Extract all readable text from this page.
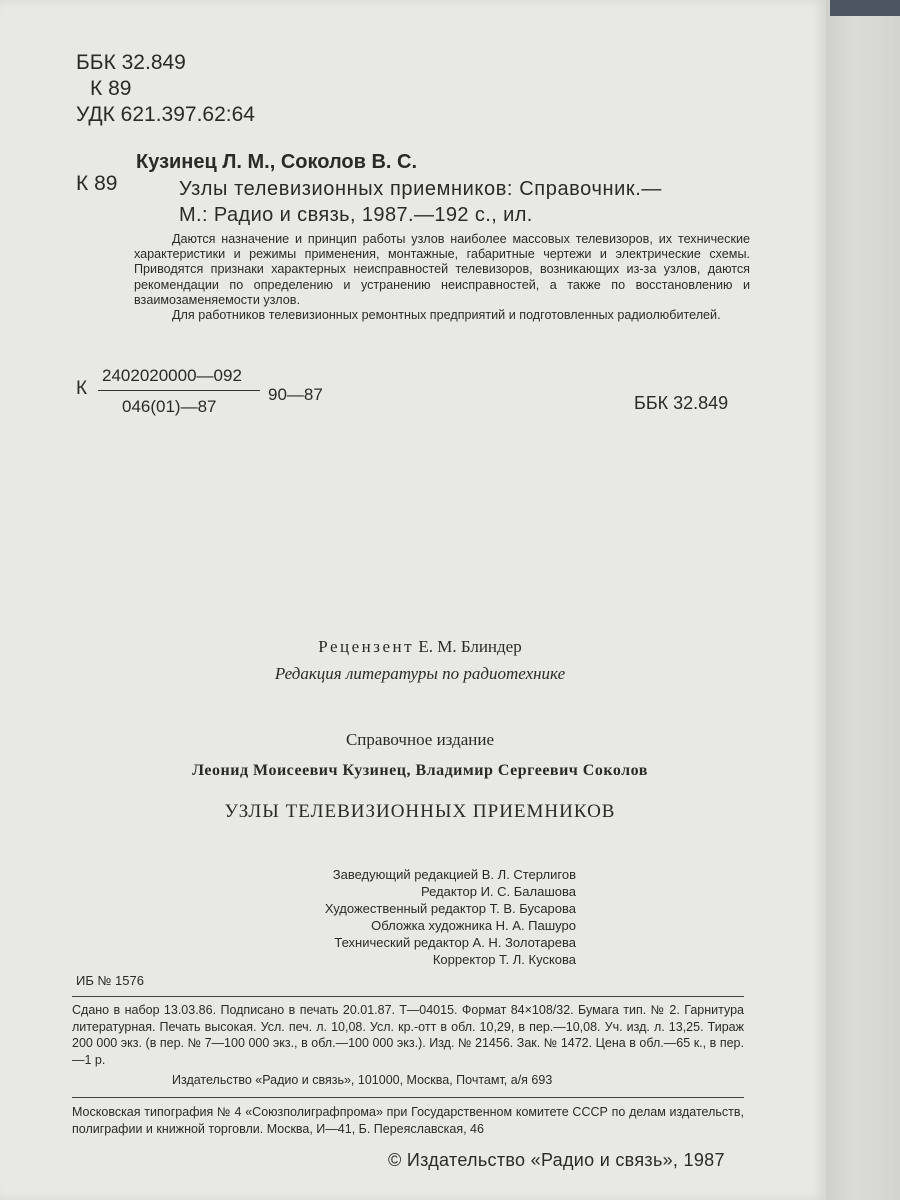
ББК 32.849
К 89
УДК 621.397.62:64
Кузинец Л. М., Соколов В. С.
К 89	Узлы телевизионных приемников: Справочник.—
М.: Радио и связь, 1987.—192 с., ил.

Даются назначение и принцип работы узлов наиболее массовых телевизоров, их технические характеристики и режимы применения, монтажные, габаритные чертежи и электрические схемы. Приводятся признаки характерных неисправностей телевизоров, возникающих из-за узлов, даются рекомендации по определению и устранению неисправностей, а также по восстановлению и взаимозаменяемости узлов.

Для работников телевизионных ремонтных предприятий и подготовленных радиолюбителей.

К
2402020000—092
046(01)—87
90—87	ББК 32.849
Рецензент Е. М. Блиндер
Редакция литературы по радиотехнике
Справочное издание
Леонид Моисеевич Кузинец, Владимир Сергеевич Соколов
УЗЛЫ ТЕЛЕВИЗИОННЫХ ПРИЕМНИКОВ
Заведующий редакцией В. Л. Стерлигов
Редактор И. С. Балашова
Художественный редактор Т. В. Бусарова
Обложка художника Н. А. Пашуро
Технический редактор А. Н. Золотарева
Корректор Т. Л. Кускова
ИБ № 1576
Сдано в набор 13.03.86. Подписано в печать 20.01.87. Т—04015. Формат 84×108/32. Бумага тип. № 2. Гарнитура литературная. Печать высокая. Усл. печ. л. 10,08. Усл. кр.-отт в обл. 10,29, в пер.—10,08. Уч. изд. л. 13,25. Тираж 200 000 экз. (в пер. № 7—100 000 экз., в обл.—100 000 экз.). Изд. № 21456. Зак. № 1472. Цена в обл.—65 к., в пер.—1 р.
Издательство «Радио и связь», 101000, Москва, Почтамт, а/я 693
Московская типография № 4 «Союзполиграфпрома» при Государственном комитете СССР по делам издательств, полиграфии и книжной торговли. Москва, И—41, Б. Переяславская, 46
© Издательство «Радио и связь», 1987
